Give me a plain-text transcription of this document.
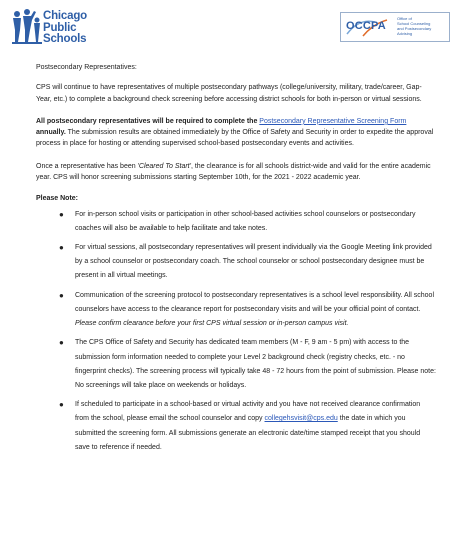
Chicago
Public
Schools
OCCPA
Office of
School Counseling
and Postsecondary
Advising

Postsecondary Representatives:

CPS will continue to have representatives of multiple postsecondary pathways (college/university, military, trade/career, Gap-Year, etc.) to complete a background check screening before accessing district schools for both in-person or virtual sessions.

All postsecondary representatives will be required to complete the Postsecondary Representative Screening Form annually. The submission results are obtained immediately by the Office of Safety and Security in order to expedite the approval process in place for hosting or attending supervised school-based postsecondary events and activities.

Once a representative has been 'Cleared To Start', the clearance is for all schools district-wide and valid for the entire academic year. CPS will honor screening submissions starting September 10th, for the 2021 - 2022 academic year.

Please Note:

● For in-person school visits or participation in other school-based activities school counselors or postsecondary coaches will also be available to help facilitate and take notes.
● For virtual sessions, all postsecondary representatives will present individually via the Google Meeting link provided by a school counselor or postsecondary coach. The school counselor or school postsecondary designee must be present in all virtual meetings.
● Communication of the screening protocol to postsecondary representatives is a school level responsibility. All school counselors have access to the clearance report for postsecondary visits and will be your official point of contact. Please confirm clearance before your first CPS virtual session or in-person campus visit.
● The CPS Office of Safety and Security has dedicated team members (M - F, 9 am - 5 pm) with access to the submission form information needed to complete your Level 2 background check (registry checks, etc. - no fingerprint checks). The screening process will typically take 48 - 72 hours from the point of submission. Please note: No screenings will take place on weekends or holidays.
● If scheduled to participate in a school-based or virtual activity and you have not received clearance confirmation from the school, please email the school counselor and copy collegehsvisit@cps.edu the date in which you submitted the screening form. All submissions generate an electronic date/time stamped receipt that you should save to reference if needed.
